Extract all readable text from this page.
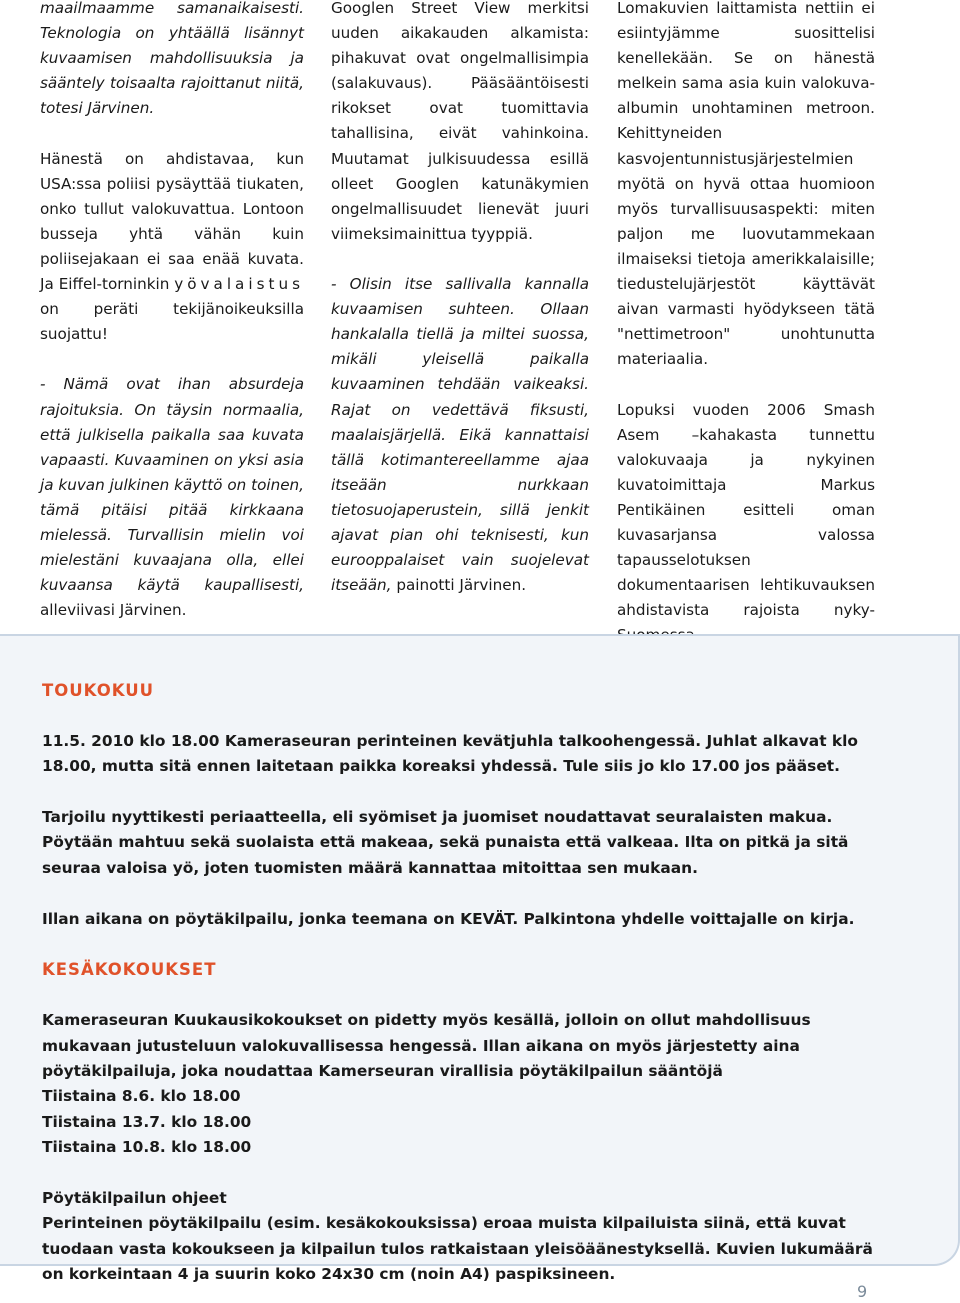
maailmaamme samanaikaisesti. Teknologia on yhtäällä lisännyt kuvaamisen mahdollisuuksia ja sääntely toisaalta rajoittanut niitä, totesi Järvinen.

Hänestä on ahdistavaa, kun USA:ssa poliisi pysäyttää tiukaten, onko tullut valokuvattua. Lontoon busseja yhtä vähän kuin poliisejakaan ei saa enää kuvata. Ja Eiffel-torninkin yövalaistus on peräti tekijänoikeuksilla suojattu!

- Nämä ovat ihan absurdeja rajoituksia. On täysin normaalia, että julkisella paikalla saa kuvata vapaasti. Kuvaaminen on yksi asia ja kuvan julkinen käyttö on toinen, tämä pitäisi pitää kirkkaana mielessä. Turvallisin mielin voi mielestäni kuvaajana olla, ellei kuvaansa käytä kaupallisesti, alleviivasi Järvinen.

Googlen Street View merkitsi uuden aikakauden alkamista: pihakuvat ovat ongelmallisimpia (salakuvaus). Pääsääntöisesti rikokset ovat tuomittavia tahallisina, eivät vahinkoina. Muutamat julkisuudessa esillä olleet Googlen katunäkymien ongelmallisuudet lienevät juuri viimeksimainittua tyyppiä.

- Olisin itse sallivalla kannalla kuvaamisen suhteen. Ollaan hankalalla tiellä ja miltei suossa, mikäli yleisellä paikalla kuvaaminen tehdään vaikeaksi. Rajat on vedettävä fiksusti, maalaisjärjellä. Eikä kannattaisi tällä kotimantereellamme ajaa itseään nurkkaan tietosuojaperustein, sillä jenkit ajavat pian ohi teknisesti, kun eurooppalaiset vain suojelevat itseään, painotti Järvinen.

Lomakuvien laittamista nettiin ei esiintyjämme suosittelisi kenellekään. Se on hänestä melkein sama asia kuin valokuva-albumin unohtaminen metroon. Kehittyneiden kasvojentunnistusjärjestelmien myötä on hyvä ottaa huomioon myös turvallisuusaspekti: miten paljon me luovutammekaan ilmaiseksi tietoja amerikkalaisille; tiedustelujärjestöt käyttävät aivan varmasti hyödykseen tätä "nettimetroon" unohtunutta materiaalia.

Lopuksi vuoden 2006 Smash Asem –kahakasta tunnettu valokuvaaja ja nykyinen kuvatoimittaja Markus Pentikäinen esitteli oman kuvasarjansa valossa tapausselotuksen dokumentaarisen lehtikuvauksen ahdistavista rajoista nyky-

TOUKOKUU

11.5. 2010 klo 18.00 Kameraseuran perinteinen kevätjuhla talkoohengessä. Juhlat alkavat klo 18.00, mutta sitä ennen laitetaan paikka koreaksi yhdessä. Tule siis jo klo 17.00 jos pääset.

Tarjoilu nyyttikesti periaatteella, eli syömiset ja juomiset noudattavat seuralaisten makua. Pöytään mahtuu sekä suolaista että makeaa, sekä punaista että valkeaa. Ilta on pitkä ja sitä seuraa valoisa yö, joten tuomisten määrä kannattaa mitoittaa sen mukaan.

Illan aikana on pöytäkilpailu, jonka teemana on KEVÄT. Palkintona yhdelle voittajalle on kirja.

KESÄKOKOUKSET

Kameraseuran Kuukausikokoukset on pidetty myös kesällä, jolloin on ollut mahdollisuus mukavaan jutusteluun valokuvallisessa hengessä. Illan aikana on myös järjestetty aina pöytäkilpailuja, joka noudattaa Kamerseuran virallisia pöytäkilpailun sääntöjä

Tiistaina 8.6. klo 18.00

Tiistaina 13.7. klo 18.00

Tiistaina 10.8. klo 18.00

Pöytäkilpailun ohjeet

Perinteinen pöytäkilpailu (esim. kesäkokouksissa) eroaa muista kilpailuista siinä, että kuvat tuodaan vasta kokoukseen ja kilpailun tulos ratkaistaan yleisöäänestyksellä. Kuvien lukumäärä on korkeintaan 4 ja suurin koko 24x30 cm (noin A4) paspiksineen.

9
